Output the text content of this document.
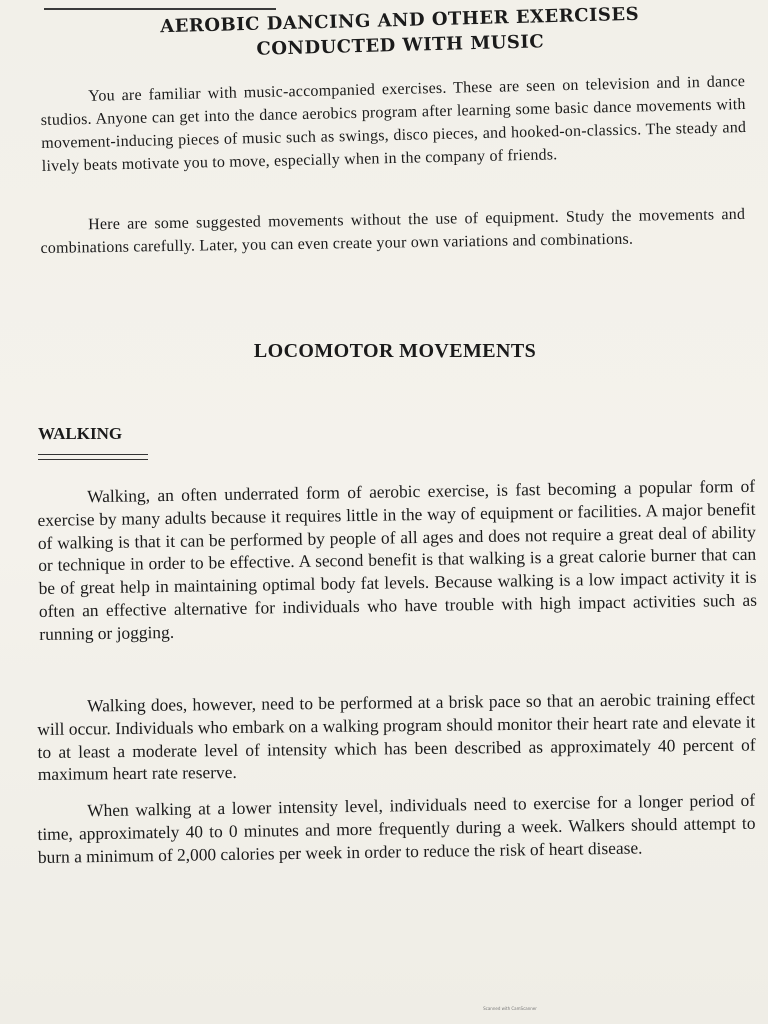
AEROBIC DANCING AND OTHER EXERCISES
CONDUCTED WITH MUSIC

You are familiar with music-accompanied exercises. These are seen on television and in dance studios. Anyone can get into the dance aerobics program after learning some basic dance movements with movement-inducing pieces of music such as swings, disco pieces, and hooked-on-classics. The steady and lively beats motivate you to move, especially when in the company of friends.

Here are some suggested movements without the use of equipment. Study the movements and combinations carefully. Later, you can even create your own variations and combinations.

LOCOMOTOR MOVEMENTS
WALKING

Walking, an often underrated form of aerobic exercise, is fast becoming a popular form of exercise by many adults because it requires little in the way of equipment or facilities. A major benefit of walking is that it can be performed by people of all ages and does not require a great deal of ability or technique in order to be effective. A second benefit is that walking is a great calorie burner that can be of great help in maintaining optimal body fat levels. Because walking is a low impact activity it is often an effective alternative for individuals who have trouble with high impact activities such as running or jogging.

Walking does, however, need to be performed at a brisk pace so that an aerobic training effect will occur. Individuals who embark on a walking program should monitor their heart rate and elevate it to at least a moderate level of intensity which has been described as approximately 40 percent of maximum heart rate reserve.

When walking at a lower intensity level, individuals need to exercise for a longer period of time, approximately 40 to 0 minutes and more frequently during a week. Walkers should attempt to burn a minimum of 2,000 calories per week in order to reduce the risk of heart disease.

Scanned with CamScanner
